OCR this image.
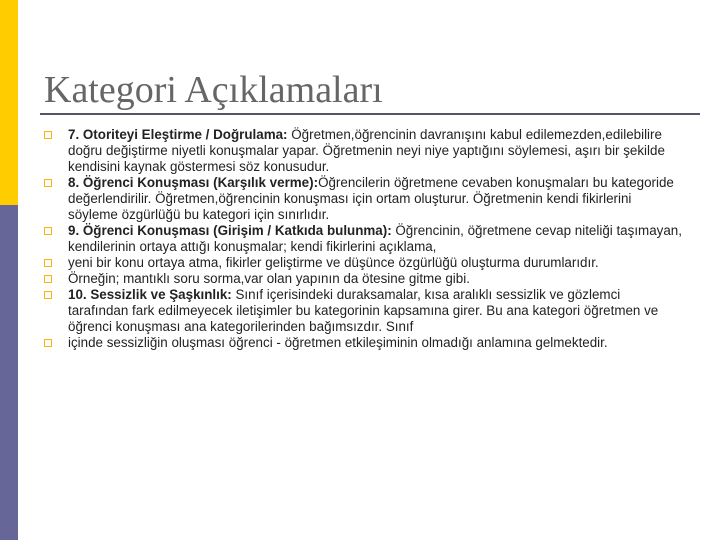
Kategori Açıklamaları
7. Otoriteyi Eleştirme / Doğrulama: Öğretmen,öğrencinin davranışını kabul edilemezden,edilebilire doğru değiştirme niyetli konuşmalar yapar. Öğretmenin neyi niye yaptığını söylemesi, aşırı bir şekilde kendisini kaynak göstermesi söz konusudur.
8. Öğrenci Konuşması (Karşılık verme):Öğrencilerin öğretmene cevaben konuşmaları bu kategoride değerlendirilir. Öğretmen,öğrencinin konuşması için ortam oluşturur. Öğretmenin kendi fikirlerini söyleme özgürlüğü bu kategori için sınırlıdır.
9. Öğrenci Konuşması (Girişim / Katkıda bulunma): Öğrencinin, öğretmene cevap niteliği taşımayan, kendilerinin ortaya attığı konuşmalar; kendi fikirlerini açıklama,
yeni bir konu ortaya atma, fikirler geliştirme ve düşünce özgürlüğü oluşturma durumlarıdır.
Örneğin; mantıklı soru sorma,var olan yapının da ötesine gitme gibi.
10. Sessizlik ve Şaşkınlık: Sınıf içerisindeki duraksamalar, kısa aralıklı sessizlik ve gözlemci tarafından fark edilmeyecek iletişimler bu kategorinin kapsamına girer. Bu ana kategori öğretmen ve öğrenci konuşması ana kategorilerinden bağımsızdır. Sınıf
içinde sessizliğin oluşması öğrenci - öğretmen etkileşiminin olmadığı anlamına gelmektedir.
